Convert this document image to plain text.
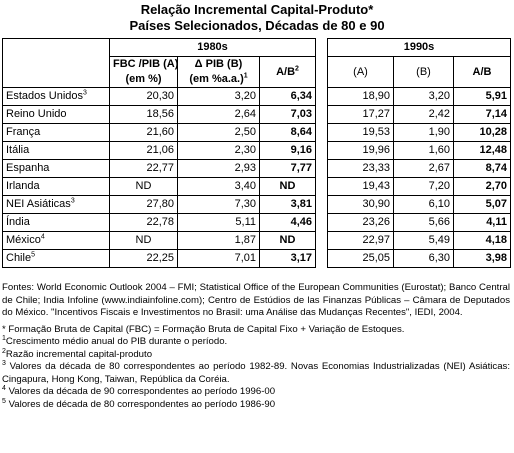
Relação Incremental Capital-Produto*
Países Selecionados, Décadas de 80 e 90
	1980s				1990s		
	FBC /PIB (A)
(em %)	Δ PIB (B)
(em %a.a.)$^1$	$A/B^2$		(A)	(B)	A/B
Estados Unidos$^3$	20,30	3,20	6,34		18,90	3,20	5,91
Reino Unido	18,56	2,64	7,03		17,27	2,42	7,14
França	21,60	2,50	8,64		19,53	1,90	10,28
Itália	21,06	2,30	9,16		19,96	1,60	12,48
Espanha	22,77	2,93	7,77		23,33	2,67	8,74
Irlanda	ND	3,40	ND		19,43	7,20	2,70
NEI Asiáticas$^3$	27,80	7,30	3,81		30,90	6,10	5,07
Índia	22,78	5,11	4,46		23,26	5,66	4,11
México$^4$	ND	1,87	ND		22,97	5,49	4,18
Chile$^5$	22,25	7,01	3,17		25,05	6,30	3,98

Fontes: World Economic Outlook 2004 – FMI; Statistical Office of the European Communities (Eurostat); Banco Central de Chile; India Infoline (www.indiainfoline.com); Centro de Estúdios de las Finanzas Públicas – Câmara de Deputados do México. "Incentivos Fiscais e Investimentos no Brasil: uma Análise das Mudanças Recentes", IEDI, 2004.

* Formação Bruta de Capital (FBC) = Formação Bruta de Capital Fixo + Variação de Estoques.

$^1$Crescimento médio anual do PIB durante o período.

$^2$Razão incremental capital-produto

$^3$ Valores da década de 80 correspondentes ao período 1982-89. Novas Economias Industrializadas (NEI) Asiáticas: Cingapura, Hong Kong, Taiwan, República da Coréia.

$^4$ Valores da década de 90 correspondentes ao período 1996-00

$^5$ Valores de década de 80 correspondentes ao período 1986-90
